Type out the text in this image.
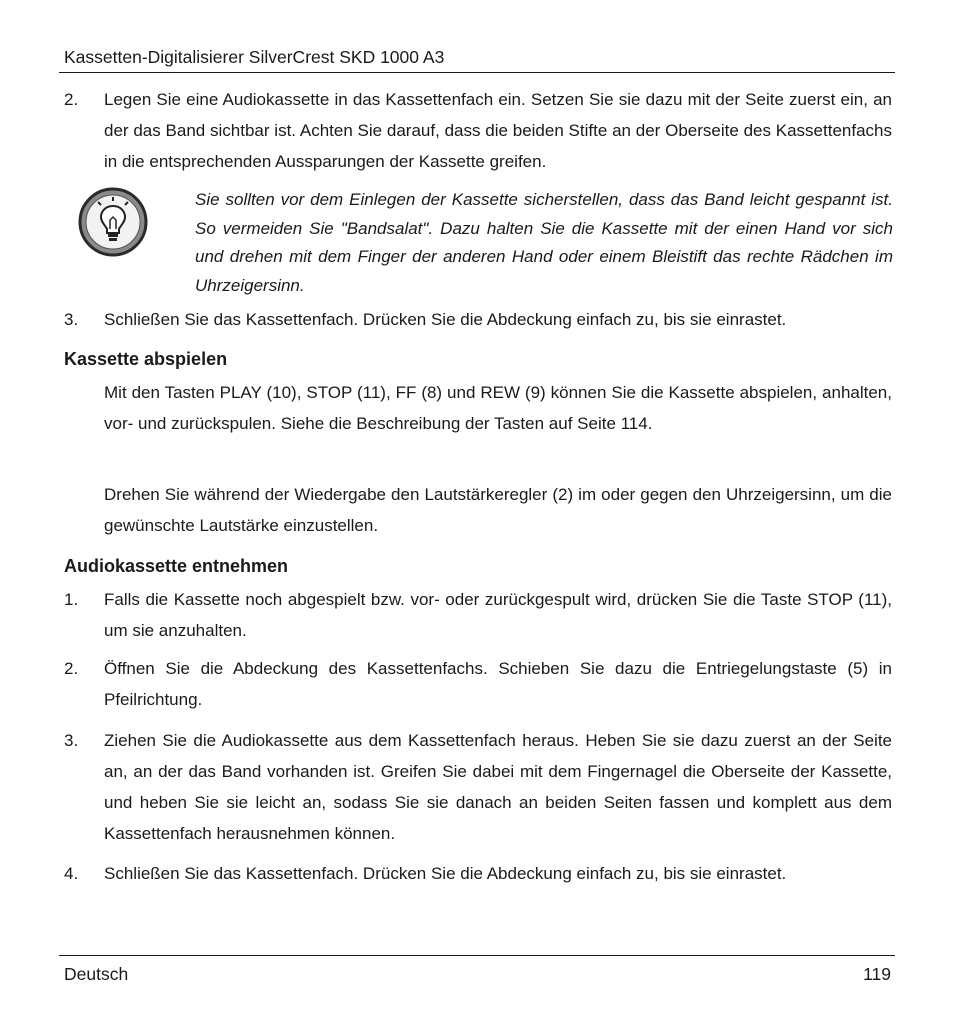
Kassetten-Digitalisierer SilverCrest SKD 1000 A3
2.	Legen Sie eine Audiokassette in das Kassettenfach ein. Setzen Sie sie dazu mit der Seite zuerst ein, an der das Band sichtbar ist. Achten Sie darauf, dass die beiden Stifte an der Oberseite des Kassettenfachs in die entsprechenden Aussparungen der Kassette greifen.
Sie sollten vor dem Einlegen der Kassette sicherstellen, dass das Band leicht gespannt ist. So vermeiden Sie "Bandsalat". Dazu halten Sie die Kassette mit der einen Hand vor sich und drehen mit dem Finger der anderen Hand oder einem Bleistift das rechte Rädchen im Uhrzeigersinn.
3.	Schließen Sie das Kassettenfach. Drücken Sie die Abdeckung einfach zu, bis sie einrastet.
Kassette abspielen
Mit den Tasten PLAY (10), STOP (11), FF (8) und REW (9) können Sie die Kassette abspielen, anhalten, vor- und zurückspulen. Siehe die Beschreibung der Tasten auf Seite 114.
Drehen Sie während der Wiedergabe den Lautstärkeregler (2) im oder gegen den Uhrzeigersinn, um die gewünschte Lautstärke einzustellen.
Audiokassette entnehmen
1.	Falls die Kassette noch abgespielt bzw. vor- oder zurückgespult wird, drücken Sie die Taste STOP (11), um sie anzuhalten.
2.	Öffnen Sie die Abdeckung des Kassettenfachs. Schieben Sie dazu die Entriegelungstaste (5) in Pfeilrichtung.
3.	Ziehen Sie die Audiokassette aus dem Kassettenfach heraus. Heben Sie sie dazu zuerst an der Seite an, an der das Band vorhanden ist. Greifen Sie dabei mit dem Fingernagel die Oberseite der Kassette, und heben Sie sie leicht an, sodass Sie sie danach an beiden Seiten fassen und komplett aus dem Kassettenfach herausnehmen können.
4.	Schließen Sie das Kassettenfach. Drücken Sie die Abdeckung einfach zu, bis sie einrastet.
Deutsch	119
